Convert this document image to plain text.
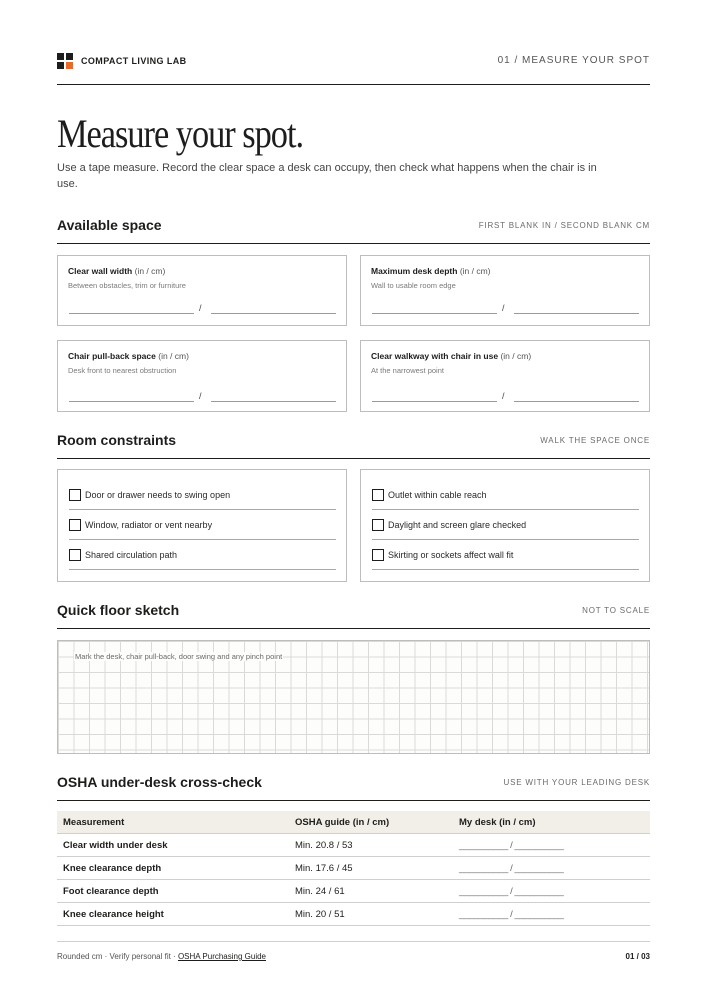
COMPACT LIVING LAB	01 / MEASURE YOUR SPOT
Measure your spot.
Use a tape measure. Record the clear space a desk can occupy, then check what happens when the chair is in use.
Available space	FIRST BLANK IN / SECOND BLANK CM
Clear wall width (in / cm)
Between obstacles, trim or furniture
/
Maximum desk depth (in / cm)
Wall to usable room edge
/
Chair pull-back space (in / cm)
Desk front to nearest obstruction
/
Clear walkway with chair in use (in / cm)
At the narrowest point
/
Room constraints	WALK THE SPACE ONCE
Door or drawer needs to swing open
Window, radiator or vent nearby
Shared circulation path
Outlet within cable reach
Daylight and screen glare checked
Skirting or sockets affect wall fit
Quick floor sketch	NOT TO SCALE
Mark the desk, chair pull-back, door swing and any pinch point
OSHA under-desk cross-check	USE WITH YOUR LEADING DESK
Measurement	OSHA guide (in / cm)	My desk (in / cm)
Clear width under desk	Min. 20.8 / 53	__________ / __________
Knee clearance depth	Min. 17.6 / 45	__________ / __________
Foot clearance depth	Min. 24 / 61	__________ / __________
Knee clearance height	Min. 20 / 51	__________ / __________
Rounded cm · Verify personal fit · OSHA Purchasing Guide	01 / 03
